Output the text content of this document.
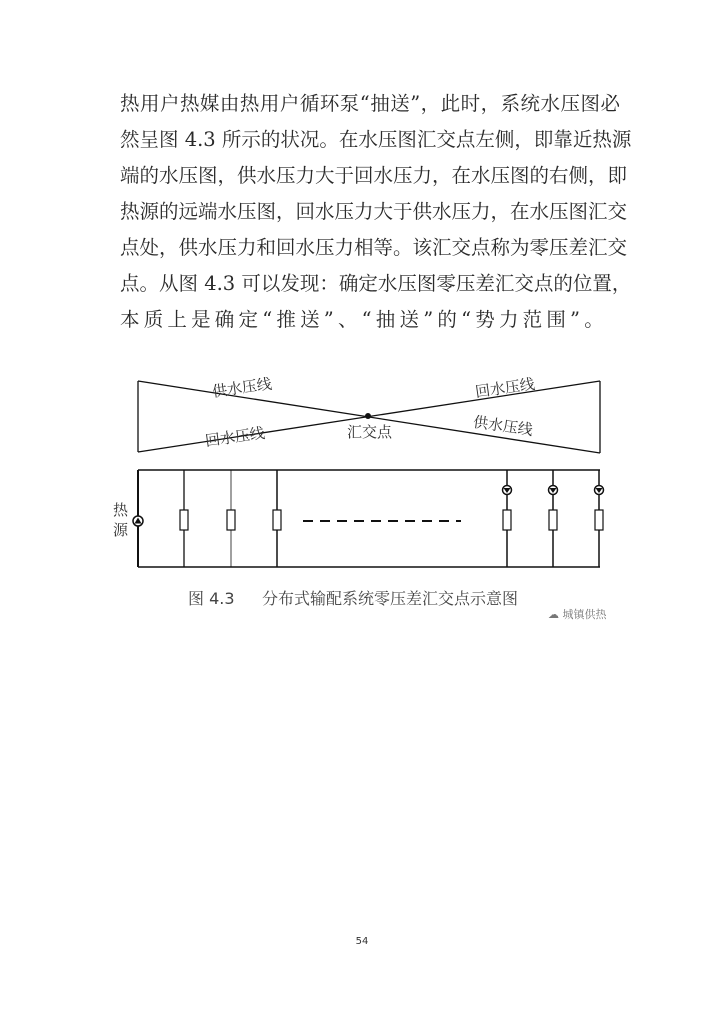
热用户热媒由热用户循环泵“抽送”，此时，系统水压图必
然呈图 4.3 所示的状况。在水压图汇交点左侧，即靠近热源
端的水压图，供水压力大于回水压力，在水压图的右侧，即
热源的远端水压图，回水压力大于供水压力，在水压图汇交
点处，供水压力和回水压力相等。该汇交点称为零压差汇交
点。从图 4.3 可以发现：确定水压图零压差汇交点的位置，
本质上是确定“推送”、“抽送”的“势力范围”。
供水压线
回水压线
回水压线
供水压线
汇交点
热
源
图 4.3 分布式输配系统零压差汇交点示意图
☁ 城镇供热
54
